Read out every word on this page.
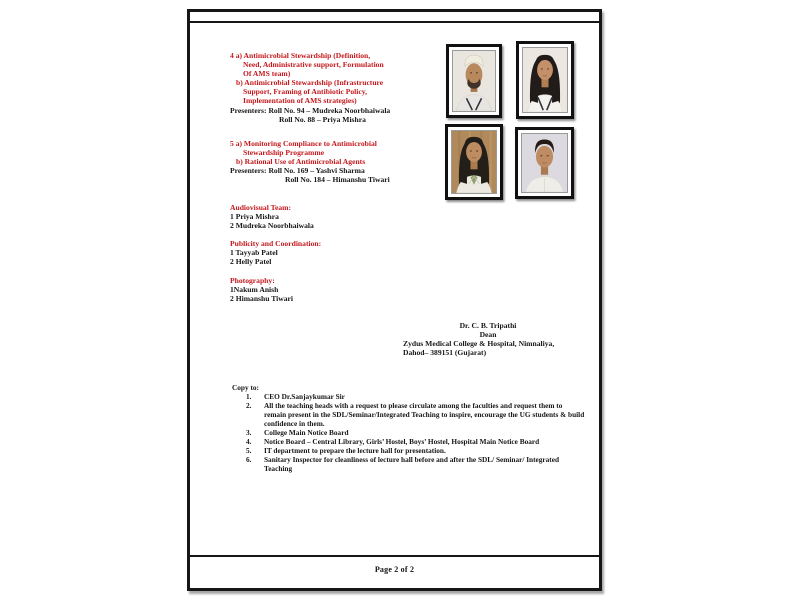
4 a) Antimicrobial Stewardship (Definition,
Need, Administrative support, Formulation
Of AMS team)
b) Antimicrobial Stewardship (Infrastructure
Support, Framing of Antibiotic Policy,
Implementation of AMS strategies)
Presenters: Roll No. 94 – Mudreka Noorbhaiwala
Roll No. 88 – Priya Mishra
5 a) Monitoring Compliance to Antimicrobial
Stewardship Programme
b) Rational Use of Antimicrobial Agents
Presenters: Roll No. 169 – Yashvi Sharma
Roll No. 184 – Himanshu Tiwari
Audiovisual Team:
1 Priya Mishra
2 Mudreka Noorbhaiwala
Publicity and Coordination:
1 Tayyab Patel
2 Helly Patel
Photography:
1Nakum Anish
2 Himanshu Tiwari
Dr. C. B. Tripathi
Dean
Zydus Medical College & Hospital, Nimnaliya,
Dahod– 389151 (Gujarat)
Copy to:
1.	CEO Dr.Sanjaykumar Sir
2.	All the teaching heads with a request to please circulate among the faculties and request them to remain present in the SDL/Seminar/Integrated Teaching to inspire, encourage the UG students & build confidence in them.
3.	College Main Notice Board
4.	Notice Board – Central Library, Girls’ Hostel, Boys’ Hostel, Hospital Main Notice Board
5.	IT department to prepare the lecture hall for presentation.
6.	Sanitary Inspector for cleanliness of lecture hall before and after the SDL/ Seminar/ Integrated Teaching
Page 2 of 2
